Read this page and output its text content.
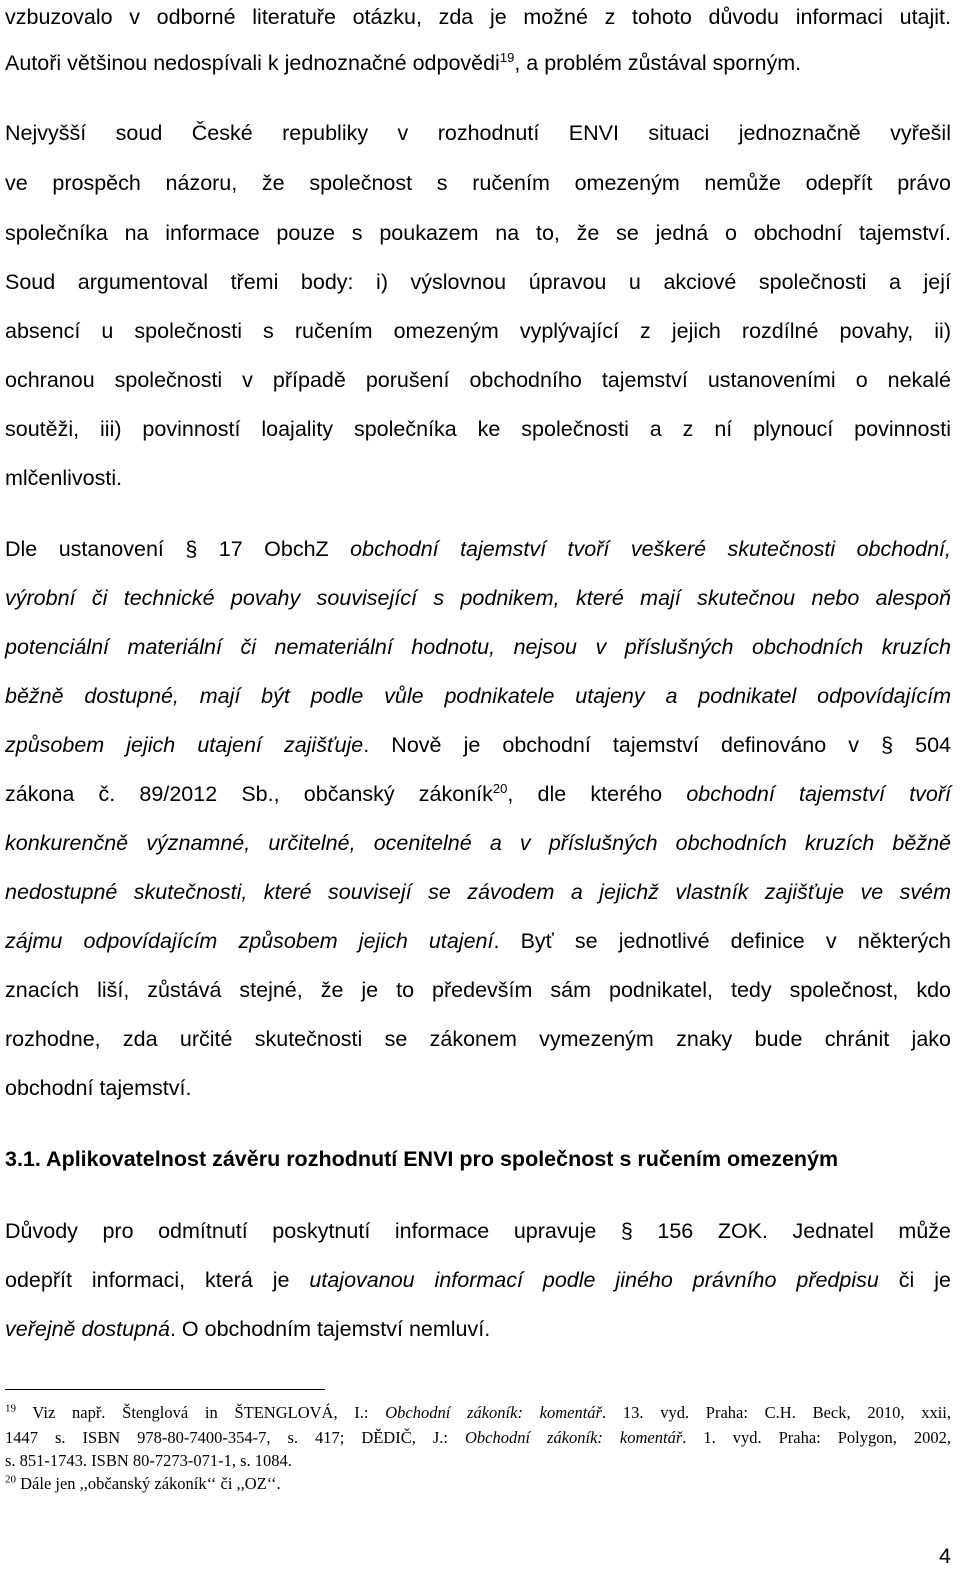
vzbuzovalo v odborné literatuře otázku, zda je možné z tohoto důvodu informaci utajit.
Autoři většinou nedospívali k jednoznačné odpovědi$^{19}$, a problém zůstával sporným.
Nejvyšší soud České republiky v rozhodnutí ENVI situaci jednoznačně vyřešil
ve prospěch názoru, že společnost s ručením omezeným nemůže odepřít právo
společníka na informace pouze s poukazem na to, že se jedná o obchodní tajemství.
Soud argumentoval třemi body: i) výslovnou úpravou u akciové společnosti a její
absencí u společnosti s ručením omezeným vyplývající z jejich rozdílné povahy, ii)
ochranou společnosti v případě porušení obchodního tajemství ustanoveními o nekalé
soutěži, iii) povinností loajality společníka ke společnosti a z ní plynoucí povinnosti
mlčenlivosti.
Dle ustanovení § 17 ObchZ obchodní tajemství tvoří veškeré skutečnosti obchodní,
výrobní či technické povahy související s podnikem, které mají skutečnou nebo alespoň
potenciální materiální či nemateriální hodnotu, nejsou v příslušných obchodních kruzích
běžně dostupné, mají být podle vůle podnikatele utajeny a podnikatel odpovídajícím
způsobem jejich utajení zajišťuje. Nově je obchodní tajemství definováno v § 504
zákona č. 89/2012 Sb., občanský zákoník$^{20}$, dle kterého obchodní tajemství tvoří
konkurenčně významné, určitelné, ocenitelné a v příslušných obchodních kruzích běžně
nedostupné skutečnosti, které souvisejí se závodem a jejichž vlastník zajišťuje ve svém
zájmu odpovídajícím způsobem jejich utajení. Byť se jednotlivé definice v některých
znacích liší, zůstává stejné, že je to především sám podnikatel, tedy společnost, kdo
rozhodne, zda určité skutečnosti se zákonem vymezeným znaky bude chránit jako
obchodní tajemství.
3.1. Aplikovatelnost závěru rozhodnutí ENVI pro společnost s ručením omezeným
Důvody pro odmítnutí poskytnutí informace upravuje § 156 ZOK. Jednatel může
odepřít informaci, která je utajovanou informací podle jiného právního předpisu či je
veřejně dostupná. O obchodním tajemství nemluví.
$^{19}$ Viz např. Štenglová in ŠTENGLOVÁ, I.: Obchodní zákoník: komentář. 13. vyd. Praha: C.H. Beck, 2010, xxii,
1447 s. ISBN 978-80-7400-354-7, s. 417; DĚDIČ, J.: Obchodní zákoník: komentář. 1. vyd. Praha: Polygon, 2002,
s. 851-1743. ISBN 80-7273-071-1, s. 1084.
$^{20}$ Dále jen ,,občanský zákoník‘‘ či ,,OZ‘‘.
4
